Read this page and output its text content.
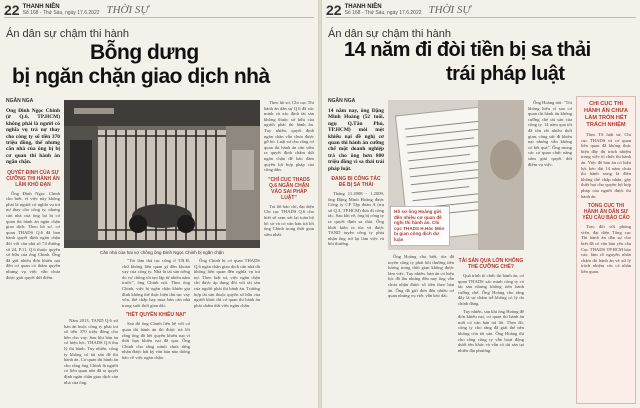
22 THANH NIÊN
Số 168 - Thứ Sáu, ngày 17.6.2022 THỜI SỰ
Án dân sự chậm thi hành
Bỗng dưng
bị ngăn chặn giao dịch nhà
NGÂN NGA
Ông Đinh Ngọc Chinh (ở Q.6, TP.HCM) không phải là người có nghĩa vụ trả nợ thay cho công ty số tiền 370 triệu đồng, thế nhưng căn nhà của ông bị bị cơ quan thi hành án ngăn chặn.
QUYẾT ĐỊNH CỦA SỰ CƯỠNG THI HÀNH ÁN LÂM KHÓ ĐẠN

Ông Đinh Ngọc Chinh cho biết, vì việc này không phải là người có nghĩa vụ trả nợ thay cho công ty, nhưng căn nhà của ông lại bị cơ quan thi hành án ngăn chặn giao dịch. Theo hồ sơ, cơ quan THADS Q.6 đã ban hành quyết định ngăn chặn đối với căn nhà số 74 đường số 24, P.11, Q.6 thuộc quyền sở hữu của ông Chinh. Ông đã gửi nhiều đơn khiếu nại đến cơ quan có thẩm quyền nhưng vụ việc vẫn chưa được giải quyết dứt điểm.

Năm 2013, TAND Q.6 xử bản án buộc công ty phải trả số tiền 370 triệu đồng cho bên cho vay. Sau khi bản án có hiệu lực, THADS Q.6 thụ lý thi hành. Tuy nhiên, công ty không có tài sản để thi hành án. Cơ quan thi hành án cho rằng ông Chinh là người có liên quan nên đã ra quyết định ngăn chặn giao dịch căn nhà của ông.

Căn nhà của hai vợ chồng ông Đinh Ngọc Chinh bị ngăn chặn

"Tôi làm thủ tục cũng ở T.B.H, chứ không liên quan gì đến khoản vay của công ty. Nhà là tài sản riêng do vợ chồng tôi tạo lập từ nhiều năm trước", ông Chinh nói. Theo ông Chinh, việc bị ngăn chặn khiến gia đình không thể thực hiện thủ tục vay vốn, thế chấp hay mua bán căn nhà trong suốt thời gian dài.

"HẾT QUYỀN KHIẾU NẠI"

Sau đó ông Chinh liên hệ với cơ quan thi hành án thì được trả lời rằng ông đã hết quyền khiếu nại vì thời hạn khiếu nại đã qua. Ông Chinh cho rằng mình chưa từng nhận được bất kỳ văn bản nào thông báo về việc ngăn chặn.

Ông Chinh bị cơ quan THADS Q.6 ngăn chặn giao dịch căn nhà dù không liên quan đến nghĩa vụ trả nợ. Theo luật sư, việc ngăn chặn chỉ được áp dụng đối với tài sản của người phải thi hành án. Trường hợp tài sản thuộc quyền sở hữu của người khác thì cơ quan thi hành án phải chấm dứt việc ngăn chặn.

Theo hồ sơ, Chi cục Thi hành án dân sự Q.6 đã xác minh và xác định tài sản không thuộc sở hữu của người phải thi hành án. Tuy nhiên, quyết định ngăn chặn vẫn chưa được gỡ bỏ. Luật sư cho rằng cơ quan thi hành án cần sớm ra quyết định chấm dứt ngăn chặn để bảo đảm quyền lợi hợp pháp của công dân.

"CHỈ CỤC THADS Q.6 NGĂN CHẶN VẢO SAI PHÁP LUẬT"

Trả lời báo chí, đại diện Chi cục THADS Q.6 cho biết sẽ xem xét lại toàn bộ hồ sơ và có văn bản trả lời ông Chinh trong thời gian sớm nhất.

22 THANH NIÊN
Số 168 - Thứ Sáu, ngày 17.6.2022 THỜI SỰ
Án dân sự chậm thi hành
14 năm đi đòi tiền bị sa thải
trái pháp luật
NGÂN NGA
14 năm nay, ông Đặng Minh Hoàng (52 tuổi, ngụ Q.Tân Phú, TP.HCM) mỏi mệt khiếu nại đề nghị cơ quan thi hành án cưỡng chế một doanh nghiệp trả cho ông hơn 800 triệu đồng vì sa thải trái pháp luật.
ĐANG BỊ CÔNG TÁC ĐỂ BỊ SA THẢI

Tháng 11.2008 - 1.2009, ông Đặng Minh Hoàng được Công ty CP Tập đoàn A (trụ sở Q.3, TP.HCM) đưa đi công tác. Sau khi về, ông bị công ty ra quyết định sa thải. Ông khởi kiện ra tòa và được TAND tuyên công ty phải nhận ông trở lại làm việc và bồi thường.

Hồ sơ ông Hoàng gửi đến nhiều cơ quan đề nghị thi hành án. Chi cục THADS H.Hóc Môn bị gian công dịch dư luận

Ông Hoàng cho biết, tòa đã tuyên công ty phải bồi thường tiền lương trong thời gian không được làm việc. Tuy nhiên, bản án có hiệu lực đã lâu nhưng đến nay ông vẫn chưa nhận được số tiền theo bản án. Ông đã gửi đơn đến nhiều cơ quan nhưng vụ việc vẫn kéo dài.

TÀI SẢN QUA LỚN KHÔNG THỂ CƯỠNG CHẾ?

Quá trình tổ chức thi hành án, cơ quan THADS xác minh công ty có tài sản nhưng không tiến hành cưỡng chế. Ông Hoàng cho rằng đây là sự chậm trễ không có lý do chính đáng.

Tuy nhiên, sau khi ông Hoàng đề đơn khiếu nại, cơ quan thi hành án mới có văn bản trả lời. Theo đó, công ty cho rằng đã giải thể nên không còn tài sản. Ông Hoàng thì cho rằng công ty vẫn hoạt động dưới tên khác và vẫn có tài sản tại nhiều địa phương.

Ông Hoàng nói: "Tôi không hiểu vì sao cơ quan thi hành án không cưỡng chế tài sản của công ty. 14 năm qua tôi đã tốn rất nhiều thời gian, công sức đi khiếu nại nhưng vẫn không có kết quả". Ông mong các cơ quan chức năng sớm giải quyết dứt điểm vụ việc.

CHI CỤC THI HÀNH ÁN CHƯA LÀM TRÒN HẾT TRÁCH NHIỆM

Theo TS luật sư, Chi cục THADS và cơ quan liên quan đã không thực hiện đầy đủ trách nhiệm trong việc tổ chức thi hành án. Việc để bản án có hiệu lực kéo dài 14 năm chưa thi hành xong là điều không thể chấp nhận, gây thiệt hại cho quyền lợi hợp pháp của người được thi hành án.

TỔNG CỤC THI HÀNH ÁN DÂN SỰ YÊU CẦU BÁO CÁO

Trao đổi với phóng viên, đại diện Tổng cục Thi hành án dân sự cho biết đã có văn bản yêu cầu Cục THADS TP.HCM báo cáo, làm rõ nguyên nhân chậm thi hành án và xử lý trách nhiệm các cá nhân liên quan.
